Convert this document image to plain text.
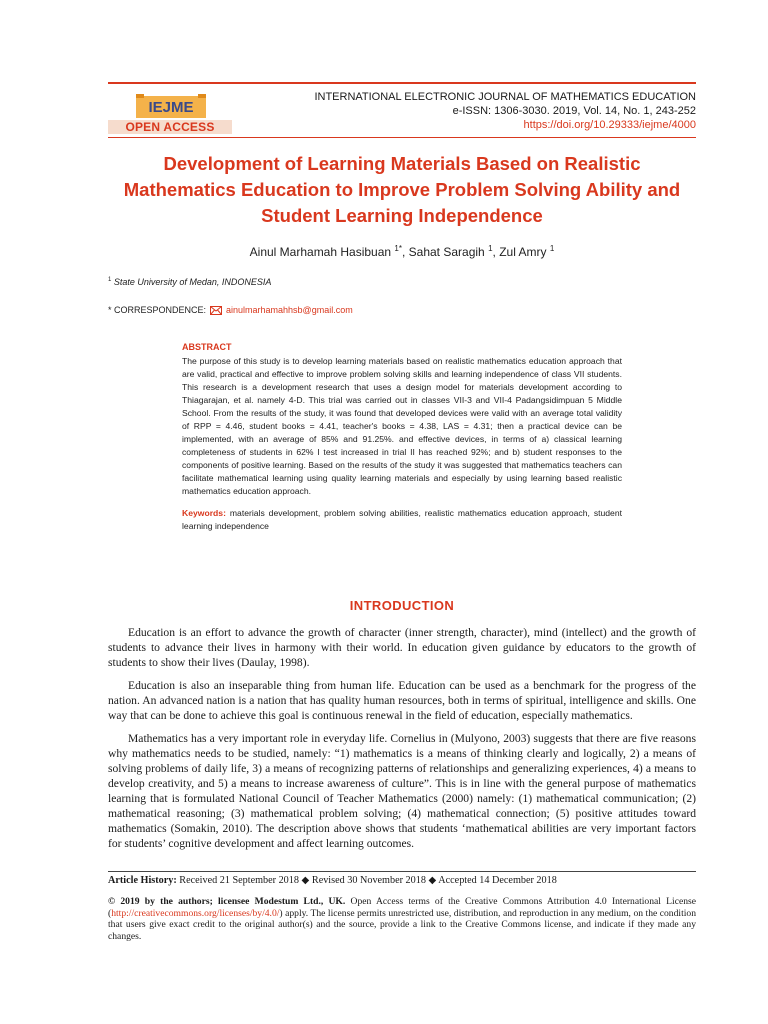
IEJME
OPEN ACCESS
INTERNATIONAL ELECTRONIC JOURNAL OF MATHEMATICS EDUCATION
e-ISSN: 1306-3030. 2019, Vol. 14, No. 1, 243-252
https://doi.org/10.29333/iejme/4000
Development of Learning Materials Based on Realistic
Mathematics Education to Improve Problem Solving Ability and
Student Learning Independence
Ainul Marhamah Hasibuan $^{1*}$, Sahat Saragih $^1$, Zul Amry $^1$
$^1$ State University of Medan, INDONESIA
* CORRESPONDENCE: ainulmarhamahhsb@gmail.com
ABSTRACT

The purpose of this study is to develop learning materials based on realistic mathematics education approach that are valid, practical and effective to improve problem solving skills and learning independence of class VII students. This research is a development research that uses a design model for materials development according to Thiagarajan, et al. namely 4-D. This trial was carried out in classes VII-3 and VII-4 Padangsidimpuan 5 Middle School. From the results of the study, it was found that developed devices were valid with an average total validity of RPP = 4.46, student books = 4.41, teacher's books = 4.38, LAS = 4.31; then a practical device can be implemented, with an average of 85% and 91.25%. and effective devices, in terms of a) classical learning completeness of students in 62% I test increased in trial II has reached 92%; and b) student responses to the components of positive learning. Based on the results of the study it was suggested that mathematics teachers can facilitate mathematical learning using quality learning materials and especially by using learning based realistic mathematics education approach.

Keywords: materials development, problem solving abilities, realistic mathematics education approach, student learning independence
INTRODUCTION

Education is an effort to advance the growth of character (inner strength, character), mind (intellect) and the growth of students to advance their lives in harmony with their world. In education given guidance by educators to the growth of students to show their lives (Daulay, 1998).

Education is also an inseparable thing from human life. Education can be used as a benchmark for the progress of the nation. An advanced nation is a nation that has quality human resources, both in terms of spiritual, intelligence and skills. One way that can be done to achieve this goal is continuous renewal in the field of education, especially mathematics.

Mathematics has a very important role in everyday life. Cornelius in (Mulyono, 2003) suggests that there are five reasons why mathematics needs to be studied, namely: “1) mathematics is a means of thinking clearly and logically, 2) a means of solving problems of daily life, 3) a means of recognizing patterns of relationships and generalizing experiences, 4) a means to develop creativity, and 5) a means to increase awareness of culture”. This is in line with the general purpose of mathematics learning that is formulated National Council of Teacher Mathematics (2000) namely: (1) mathematical communication; (2) mathematical reasoning; (3) mathematical problem solving; (4) mathematical connection; (5) positive attitudes toward mathematics (Somakin, 2010). The description above shows that students ‘mathematical abilities are very important factors for students’ cognitive development and affect learning outcomes.

Article History: Received 21 September 2018 ◆ Revised 30 November 2018 ◆ Accepted 14 December 2018
© 2019 by the authors; licensee Modestum Ltd., UK. Open Access terms of the Creative Commons Attribution 4.0 International License (http://creativecommons.org/licenses/by/4.0/) apply. The license permits unrestricted use, distribution, and reproduction in any medium, on the condition that users give exact credit to the original author(s) and the source, provide a link to the Creative Commons license, and indicate if they made any changes.
